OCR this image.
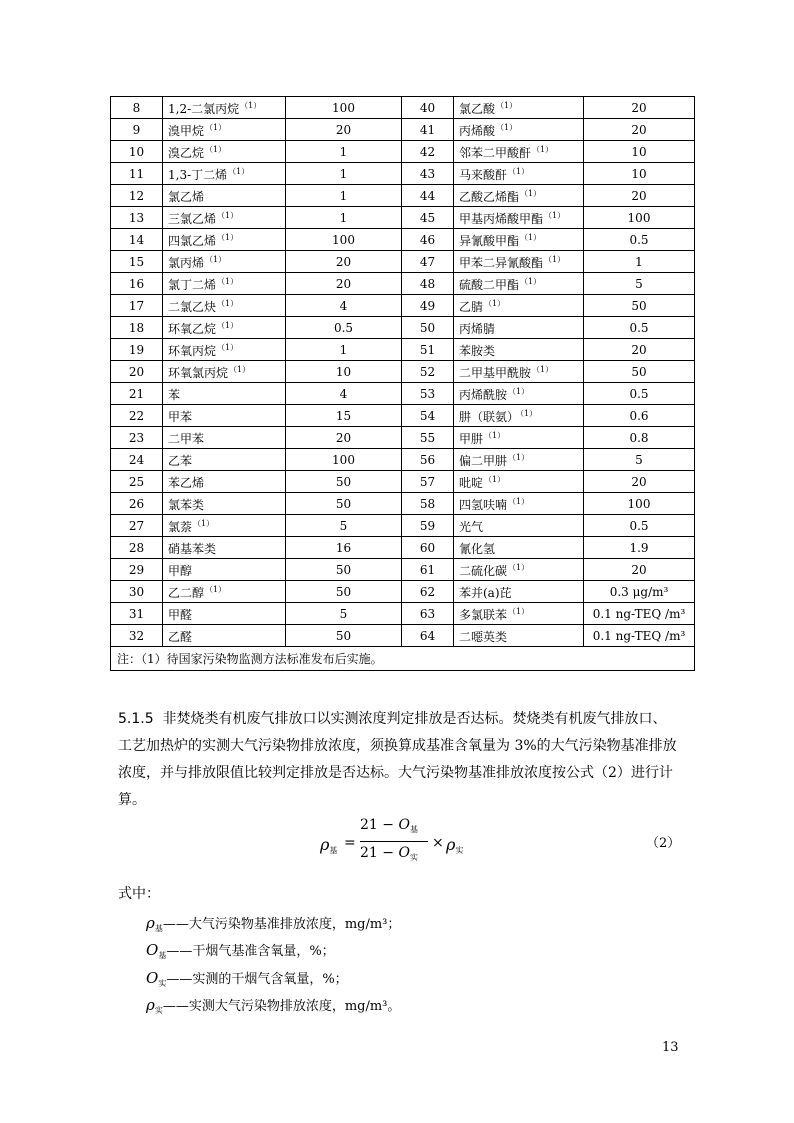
8	1,2-二氯丙烷$^{(1)}$	100	40	氯乙酸$^{(1)}$	20
9	溴甲烷$^{(1)}$	20	41	丙烯酸$^{(1)}$	20
10	溴乙烷$^{(1)}$	1	42	邻苯二甲酸酐$^{(1)}$	10
11	1,3-丁二烯$^{(1)}$	1	43	马来酸酐$^{(1)}$	10
12	氯乙烯	1	44	乙酸乙烯酯$^{(1)}$	20
13	三氯乙烯$^{(1)}$	1	45	甲基丙烯酸甲酯$^{(1)}$	100
14	四氯乙烯$^{(1)}$	100	46	异氰酸甲酯$^{(1)}$	0.5
15	氯丙烯$^{(1)}$	20	47	甲苯二异氰酸酯$^{(1)}$	1
16	氯丁二烯$^{(1)}$	20	48	硫酸二甲酯$^{(1)}$	5
17	二氯乙炔$^{(1)}$	4	49	乙腈$^{(1)}$	50
18	环氧乙烷$^{(1)}$	0.5	50	丙烯腈	0.5
19	环氧丙烷$^{(1)}$	1	51	苯胺类	20
20	环氧氯丙烷$^{(1)}$	10	52	二甲基甲酰胺$^{(1)}$	50
21	苯	4	53	丙烯酰胺$^{(1)}$	0.5
22	甲苯	15	54	肼（联氨）$^{(1)}$	0.6
23	二甲苯	20	55	甲肼$^{(1)}$	0.8
24	乙苯	100	56	偏二甲肼$^{(1)}$	5
25	苯乙烯	50	57	吡啶$^{(1)}$	20
26	氯苯类	50	58	四氢呋喃$^{(1)}$	100
27	氯萘$^{(1)}$	5	59	光气	0.5
28	硝基苯类	16	60	氰化氢	1.9
29	甲醇	50	61	二硫化碳$^{(1)}$	20
30	乙二醇$^{(1)}$	50	62	苯并(a)芘	0.3 μg/m³
31	甲醛	5	63	多氯联苯$^{(1)}$	0.1 ng-TEQ /m³
32	乙醛	50	64	二噁英类	0.1 ng-TEQ /m³
注：（1）待国家污染物监测方法标准发布后实施。					
5.1.5 非焚烧类有机废气排放口以实测浓度判定排放是否达标。焚烧类有机废气排放口、工艺加热炉的实测大气污染物排放浓度，须换算成基准含氧量为 3%的大气污染物基准排放浓度，并与排放限值比较判定排放是否达标。大气污染物基准排放浓度按公式（2）进行计算。
ρ基 =
$21 - O_基$
$21 - O_实$
× ρ实	（2）
式中：
$\rho_基——$大气污染物基准排放浓度，mg/m³；
$O_基——$干烟气基准含氧量，%；
$O_实——$实测的干烟气含氧量，%；
$\rho_实——$实测大气污染物排放浓度，mg/m³。
13
